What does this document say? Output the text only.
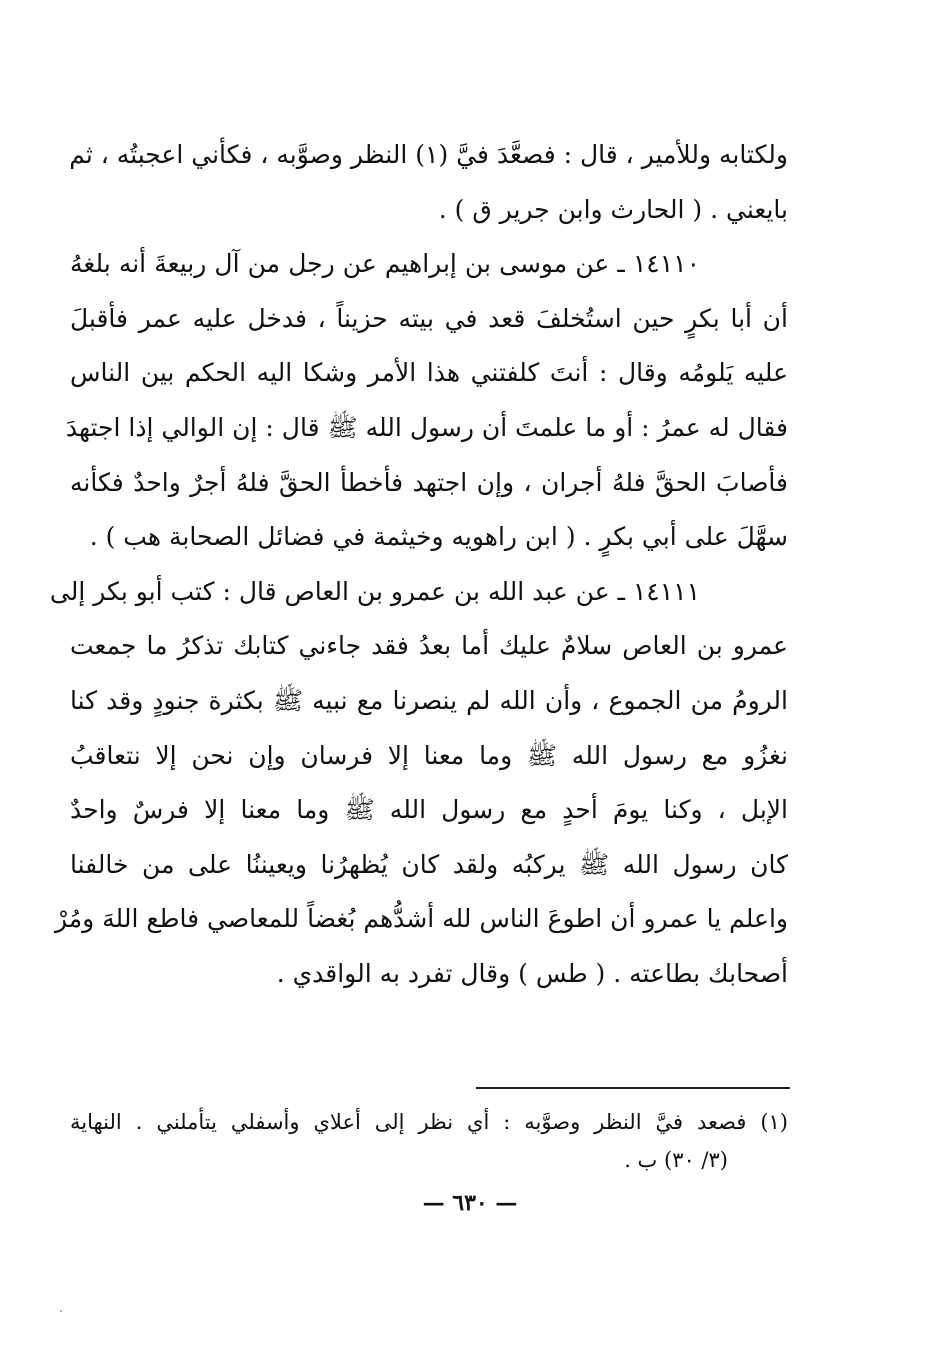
ولكتابه وللأمير ، قال : فصعَّدَ فيَّ (١) النظر وصوَّبه ، فكأني اعجبتُه ، ثم
بايعني . ( الحارث وابن جرير ق ) .
١٤١١٠ ـ عن موسى بن إبراهيم عن رجل من آل ربيعةَ أنه بلغهُ
أن أبا بكرٍ حين استُخلفَ قعد في بيته حزيناً ، فدخل عليه عمر فأقبلَ
عليه يَلومُه وقال : أنتَ كلفتني هذا الأمر وشكا اليه الحكم بين الناس
فقال له عمرُ : أو ما علمتَ أن رسول الله ﷺ قال : إن الوالي إذا اجتهدَ
فأصابَ الحقَّ فلهُ أجران ، وإن اجتهد فأخطأ الحقَّ فلهُ أجرٌ واحدٌ فكأنه
سهَّلَ على أبي بكرٍ . ( ابن راهويه وخيثمة في فضائل الصحابة هب ) .
١٤١١١ ـ عن عبد الله بن عمرو بن العاص قال : كتب أبو بكر إلى
عمرو بن العاص سلامٌ عليك أما بعدُ فقد جاءني كتابك تذكرُ ما جمعت
الرومُ من الجموع ، وأن الله لم ينصرنا مع نبيه ﷺ بكثرة جنودٍ وقد كنا
نغزُو مع رسول الله ﷺ وما معنا إلا فرسان وإن نحن إلا نتعاقبُ
الإبل ، وكنا يومَ أحدٍ مع رسول الله ﷺ وما معنا إلا فرسٌ واحدٌ
كان رسول الله ﷺ يركبُه ولقد كان يُظهرُنا ويعيننُا على من خالفنا
واعلم يا عمرو أن اطوعَ الناس لله أشدُّهم بُغضاً للمعاصي فاطع اللهَ ومُرْ
أصحابك بطاعته . ( طس ) وقال تفرد به الواقدي .
(١) فصعد فيَّ النظر وصوَّبه : أي نظر إلى أعلاي وأسفلي يتأملني . النهاية
(٣/ ٣٠) ب .
— ٦٣٠ —
